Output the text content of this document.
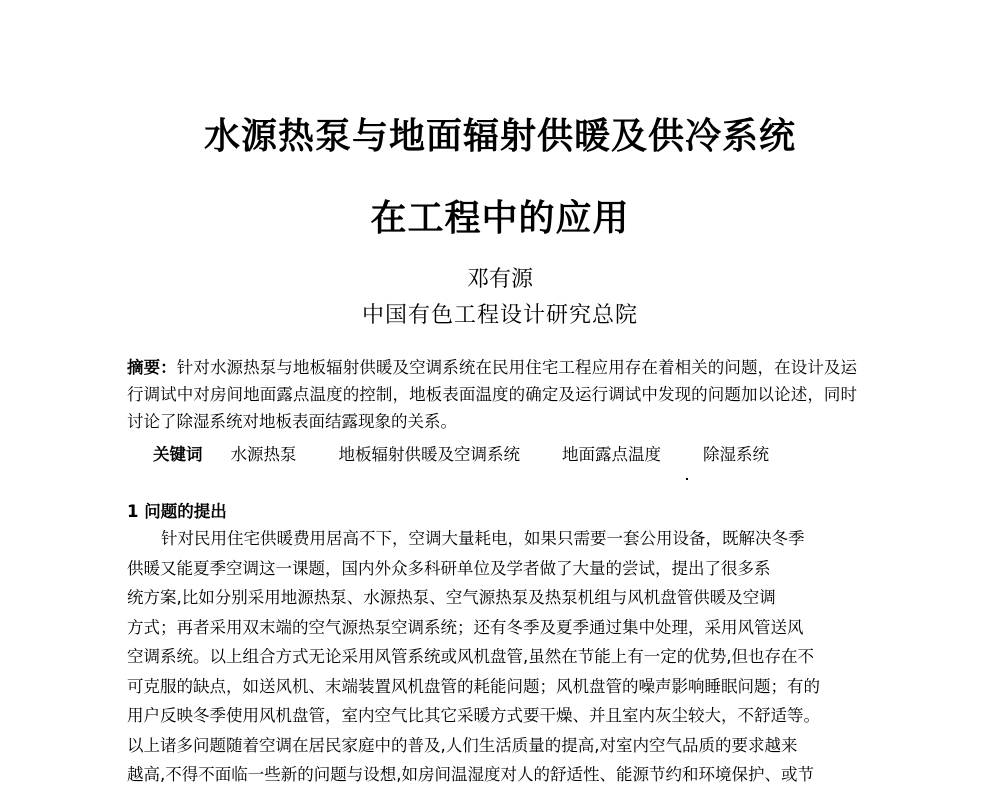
水源热泵与地面辐射供暖及供冷系统
在工程中的应用

邓有源

中国有色工程设计研究总院

摘要：针对水源热泵与地板辐射供暖及空调系统在民用住宅工程应用存在着相关的问题，在设计及运行调试中对房间地面露点温度的控制，地板表面温度的确定及运行调试中发现的问题加以论述，同时讨论了除湿系统对地板表面结露现象的关系。

关键词 水源热泵	地板辐射供暖及空调系统	地面露点温度	除湿系统

1 问题的提出
针对民用住宅供暖费用居高不下，空调大量耗电，如果只需要一套公用设备，既解决冬季
供暖又能夏季空调这一课题，国内外众多科研单位及学者做了大量的尝试，提出了很多系
统方案,比如分别采用地源热泵、水源热泵、空气源热泵及热泵机组与风机盘管供暖及空调
方式；再者采用双末端的空气源热泵空调系统；还有冬季及夏季通过集中处理，采用风管送风
空调系统。以上组合方式无论采用风管系统或风机盘管,虽然在节能上有一定的优势,但也存在不
可克服的缺点，如送风机、末端装置风机盘管的耗能问题；风机盘管的噪声影响睡眠问题；有的
用户反映冬季使用风机盘管，室内空气比其它采暖方式要干燥、并且室内灰尘较大，不舒适等。
以上诸多问题随着空调在居民家庭中的普及,人们生活质量的提高,对室内空气品质的要求越来
越高,不得不面临一些新的问题与设想,如房间温湿度对人的舒适性、能源节约和环境保护、或节
